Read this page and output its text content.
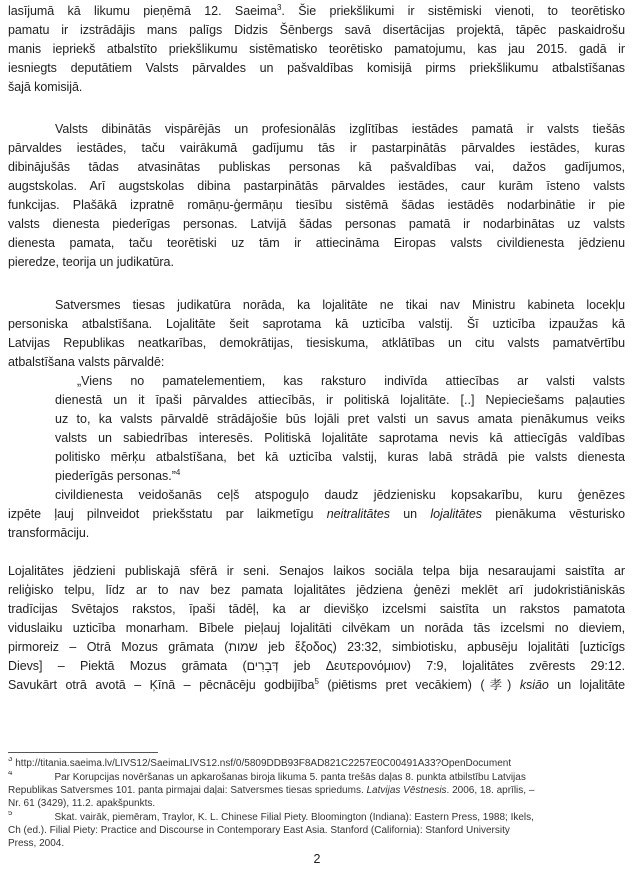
lasījumā kā likumu pieņēmā 12. Saeima$^3$. Šie priekšlikumi ir sistēmiski vienoti, to teorētisko
pamatu ir izstrādājis mans palīgs Didzis Šēnbergs savā disertācijas projektā, tāpēc paskaidrošu
manis iepriekš atbalstīto priekšlikumu sistēmatisko teorētisko pamatojumu, kas jau 2015. gadā ir
iesniegts deputātiem Valsts pārvaldes un pašvaldības komisijā pirms priekšlikumu atbalstīšanas
šajā komisijā.
Valsts dibinātās vispārējās un profesionālās izglītības iestādes pamatā ir valsts tiešās
pārvaldes iestādes, taču vairākumā gadījumu tās ir pastarpinātās pārvaldes iestādes, kuras
dibinājušās tādas atvasinātas publiskas personas kā pašvaldības vai, dažos gadījumos,
augstskolas. Arī augstskolas dibina pastarpinātās pārvaldes iestādes, caur kurām īsteno valsts
funkcijas. Plašākā izpratnē romāņu-ģermāņu tiesību sistēmā šādas iestādēs nodarbinātie ir pie
valsts dienesta piederīgas personas. Latvijā šādas personas pamatā ir nodarbinātas uz valsts
dienesta pamata, taču teorētiski uz tām ir attiecināma Eiropas valsts civildienesta jēdzienu
pieredze, teorija un judikatūra.
Satversmes tiesas judikatūra norāda, ka lojalitāte ne tikai nav Ministru kabineta locekļu
personiska atbalstīšana. Lojalitāte šeit saprotama kā uzticība valstij. Šī uzticība izpaužas kā
Latvijas Republikas neatkarības, demokrātijas, tiesiskuma, atklātības un citu valsts pamatvērtību
atbalstīšana valsts pārvaldē:
„Viens no pamatelementiem, kas raksturo indivīda attiecības ar valsti valsts
dienestā un it īpaši pārvaldes attiecībās, ir politiskā lojalitāte. [..] Nepieciešams paļauties
uz to, ka valsts pārvaldē strādājošie būs lojāli pret valsti un savus amata pienākumus veiks
valsts un sabiedrības interesēs. Politiskā lojalitāte saprotama nevis kā attiecīgās valdības
politisko mērķu atbalstīšana, bet kā uzticība valstij, kuras labā strādā pie valsts dienesta
piederīgās personas.”$^4$
civildienesta veidošanās ceļš atspoguļo daudz jēdzienisku kopsakarību, kuru ģenēzes
izpēte ļauj pilnveidot priekšstatu par laikmetīgu neitralitātes un lojalitātes pienākuma vēsturisko
transformāciju.
Lojalitātes jēdzieni publiskajā sfērā ir seni. Senajos laikos sociāla telpa bija nesaraujami saistīta ar
reliģisko telpu, līdz ar to nav bez pamata lojalitātes jēdziena ģenēzi meklēt arī judokristiāniskās
tradīcijas Svētajos rakstos, īpaši tādēļ, ka ar dievišķo izcelsmi saistīta un rakstos pamatota
viduslaiku uzticība monarham. Bībele pieļauj lojalitāti cilvēkam un norāda tās izcelsmi no dieviem,
pirmoreiz – Otrā Mozus grāmata (שמות jeb ἔξοδος) 23:32, simbiotisku, apbusēju lojalitāti [uzticīgs
Dievs] – Piektā Mozus grāmata (דְּבָרִים jeb Δευτερονόμιον) 7:9, lojalitātes zvērests 29:12.
Savukārt otrā avotā – Ķīnā – pēcnācēju godbijība$^5$ (piētisms pret vecākiem) (孝) ksiāo un lojalitāte
$^3$ http://titania.saeima.lv/LIVS12/SaeimaLIVS12.nsf/0/5809DDB93F8AD821C2257E0C00491A33?OpenDocument
$^4$	Par Korupcijas novēršanas un apkarošanas biroja likuma 5. panta trešās daļas 8. punkta atbilstību Latvijas
Republikas Satversmes 101. panta pirmajai daļai: Satversmes tiesas spriedums. Latvijas Vēstnesis. 2006, 18. aprīlis, –
Nr. 61 (3429), 11.2. apakšpunkts.
$^5$	Skat. vairāk, piemēram, Traylor, K. L. Chinese Filial Piety. Bloomington (Indiana): Eastern Press, 1988; Ikels,
Ch (ed.). Filial Piety: Practice and Discourse in Contemporary East Asia. Stanford (California): Stanford University
Press, 2004.
2
